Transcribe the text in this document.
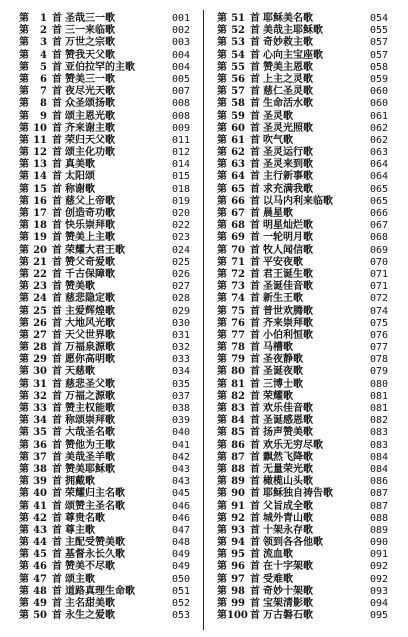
第	1 首 圣哉三一歌	001
第	2 首 三一来临歌	002
第	3 首 万世之宗歌	003
第	4 首 赞我天父歌	004
第	5 首 亚伯拉罕的主歌	004
第	6 首 赞美三一歌	005
第	7 首 夜尽光天歌	007
第	8 首 众圣颂扬歌	008
第	9 首 颂主恩光歌	008
第 10 首 齐来谢主歌	009
第 11 首 荣归天父歌	011
第 12 首 颂主化功歌	012
第 13 首 真美歌	014
第 14 首 太阳颂	015
第 15 首 称谢歌	018
第 16 首 慈父上帝歌	019
第 17 首 创造奇功歌	020
第 18 首 快乐崇拜歌	022
第 19 首 赞美上主歌	023
第 20 首 荣耀大君王歌	024
第 21 首 赞父奇爱歌	025
第 22 首 千古保障歌	026
第 23 首 赞美歌	027
第 24 首 慈悲隐定歌	028
第 25 首 主爱辉煌歌	029
第 26 首 大地风光歌	030
第 27 首 天父世界歌	031
第 28 首 万福泉源歌	032
第 29 首 愿你高明歌	033
第 30 首 天慈歌	034
第 31 首 慈悲圣父歌	035
第 32 首 万福之源歌	037
第 33 首 赞主权能歌	038
第 34 首 称颂崇拜歌	039
第 35 首 大哉圣名歌	040
第 36 首 赞他为王歌	041
第 37 首 美哉圣羊歌	042
第 38 首 赞美耶稣歌	043
第 39 首 拥戴歌	043
第 40 首 荣耀归主名歌	045
第 41 首 颂赞主圣名歌	046
第 42 首 尊贵名歌	046
第 43 首 尊主歌	047
第 44 首 主配受赞美歌	048
第 45 首 基督永长久歌	049
第 46 首 赞美不尽歌	049
第 47 首 颂主歌	050
第 48 首 道路真理生命歌	051
第 49 首 主名甜美歌	052
第 50 首 永生之爱歌	053
第 51 首 耶稣美名歌	054
第 52 首 美哉主耶稣歌	055
第 53 首 奇妙救主歌	057
第 54 首 心向主宝座歌	057
第 55 首 赞美主恩歌	058
第 56 首 上主之灵歌	059
第 57 首 慈仁圣灵歌	060
第 58 首 生命活水歌	060
第 59 首 圣灵歌	061
第 60 首 圣灵光照歌	062
第 61 首 吹气歌	062
第 62 首 圣灵运行歌	063
第 63 首 圣灵来到歌	064
第 64 首 主行新事歌	064
第 65 首 求充满我歌	065
第 66 首 以马内利来临歌	065
第 67 首 晨星歌	066
第 68 首 明星灿烂歌	067
第 69 首 一轮明月歌	068
第 70 首 牧人闻信歌	069
第 71 首 平安夜歌	070
第 72 首 君王诞生歌	071
第 73 首 圣诞佳音歌	071
第 74 首 新生王歌	072
第 75 首 普世欢腾歌	074
第 76 首 齐来崇拜歌	075
第 77 首 小伯利恒歌	076
第 78 首 马槽歌	077
第 79 首 圣夜静歌	078
第 80 首 圣诞夜歌	079
第 81 首 三博士歌	080
第 82 首 荣耀歌	081
第 83 首 欢乐佳音歌	081
第 84 首 圣诞感恩歌	082
第 85 首 扬声赞美歌	083
第 86 首 欢乐无穷尽歌	083
第 87 首 飘然飞降歌	084
第 88 首 无量荣光歌	084
第 89 首 橄榄山头歌	086
第 90 首 耶稣独自祷告歌	087
第 91 首 父旨成全歌	087
第 92 首 城外青山歌	088
第 93 首 十架永存歌	089
第 94 首 领到各各他歌	090
第 95 首 流血歌	091
第 96 首 在十字架歌	092
第 97 首 受难歌	092
第 98 首 奇妙十架歌	093
第 99 首 宝架清影歌	094
第 100 首 万古磐石歌	095
